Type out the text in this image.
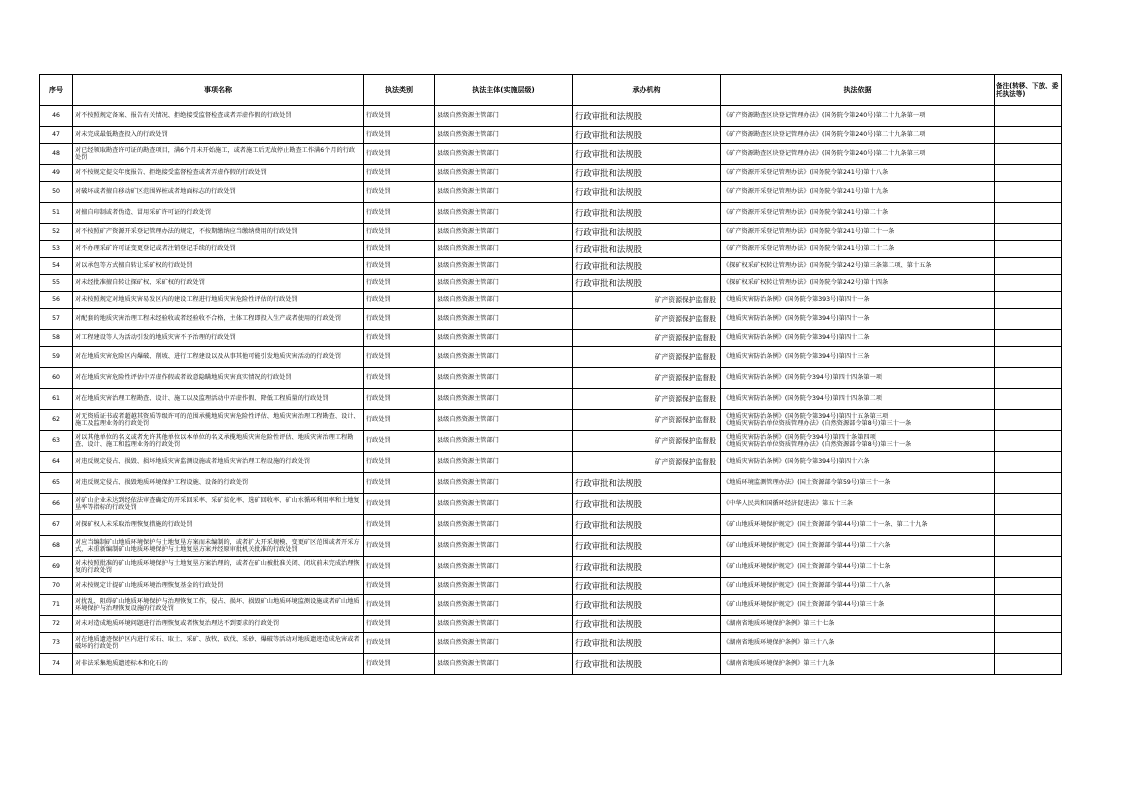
序号	事项名称	执法类别	执法主体(实施层级)	承办机构	执法依据	备注(转移、下放、委托执法等)
46	对不按照规定备案、报告有关情况、拒绝接受监督检查或者弄虚作假的行政处罚	行政处罚	县级自然资源主管部门	行政审批和法规股	《矿产资源勘查区块登记管理办法》(国务院令第240号)第二十九条第一项	
47	对未完成最低勘查投入的行政处罚	行政处罚	县级自然资源主管部门	行政审批和法规股	《矿产资源勘查区块登记管理办法》(国务院令第240号)第二十九条第二项	
48	对已经领取勘查许可证的勘查项目，满6个月未开始施工，或者施工后无故停止勘查工作满6个月的行政处罚	行政处罚	县级自然资源主管部门	行政审批和法规股	《矿产资源勘查区块登记管理办法》(国务院令第240号)第二十九条第三项	
49	对不按规定提交年度报告、拒绝接受监督检查或者弄虚作假的行政处罚	行政处罚	县级自然资源主管部门	行政审批和法规股	《矿产资源开采登记管理办法》(国务院令第241号)第十八条	
50	对破坏或者擅自移动矿区范围界桩或者地面标志的行政处罚	行政处罚	县级自然资源主管部门	行政审批和法规股	《矿产资源开采登记管理办法》(国务院令第241号)第十九条	
51	对擅自印制或者伪造、冒用采矿许可证的行政处罚	行政处罚	县级自然资源主管部门	行政审批和法规股	《矿产资源开采登记管理办法》(国务院令第241号)第二十条	
52	对不按照矿产资源开采登记管理办法的规定，不按期缴纳应当缴纳费用的行政处罚	行政处罚	县级自然资源主管部门	行政审批和法规股	《矿产资源开采登记管理办法》(国务院令第241号)第二十一条	
53	对不办理采矿许可证变更登记或者注销登记手续的行政处罚	行政处罚	县级自然资源主管部门	行政审批和法规股	《矿产资源开采登记管理办法》(国务院令第241号)第二十二条	
54	对以承包等方式擅自转让采矿权的行政处罚	行政处罚	县级自然资源主管部门	行政审批和法规股	《探矿权采矿权转让管理办法》(国务院令第242号)第三条第二项、第十五条	
55	对未经批准擅自转让探矿权、采矿权的行政处罚	行政处罚	县级自然资源主管部门	行政审批和法规股	《探矿权采矿权转让管理办法》(国务院令第242号)第十四条	
56	对未按照规定对地质灾害易发区内的建设工程进行地质灾害危险性评估的行政处罚	行政处罚	县级自然资源主管部门	矿产资源保护监督股	《地质灾害防治条例》(国务院令第393号)第四十一条	
57	对配套的地质灾害治理工程未经验收或者经验收不合格，主体工程即投入生产或者使用的行政处罚	行政处罚	县级自然资源主管部门	矿产资源保护监督股	《地质灾害防治条例》(国务院令第394号)第四十一条	
58	对工程建设等人为活动引发的地质灾害不予治理的行政处罚	行政处罚	县级自然资源主管部门	矿产资源保护监督股	《地质灾害防治条例》(国务院令第394号)第四十二条	
59	对在地质灾害危险区内爆破、削坡、进行工程建设以及从事其他可能引发地质灾害活动的行政处罚	行政处罚	县级自然资源主管部门	矿产资源保护监督股	《地质灾害防治条例》(国务院令第394号)第四十三条	
60	对在地质灾害危险性评估中弄虚作假或者故意隐瞒地质灾害真实情况的行政处罚	行政处罚	县级自然资源主管部门	矿产资源保护监督股	《地质灾害防治条例》(国务院令394号)第四十四条第一项	
61	对在地质灾害治理工程勘查、设计、施工以及监理活动中弄虚作假、降低工程质量的行政处罚	行政处罚	县级自然资源主管部门	矿产资源保护监督股	《地质灾害防治条例》(国务院令394号)第四十四条第二项	
62	对无资质证书或者超越其资质等级许可的范围承揽地质灾害危险性评估、地质灾害治理工程勘查、设计、施工及监理业务的行政处罚	行政处罚	县级自然资源主管部门	矿产资源保护监督股	《地质灾害防治条例》(国务院令第394号)第四十五条第三项
《地质灾害防治单位资质管理办法》(自然资源部令第8号)第三十一条	
63	对以其他单位的名义或者允许其他单位以本单位的名义承揽地质灾害危险性评估、地质灾害治理工程勘查、设计、施工和监理业务的行政处罚	行政处罚	县级自然资源主管部门	矿产资源保护监督股	《地质灾害防治条例》(国务院令394号)第四十条第四项
《地质灾害防治单位资质管理办法》(自然资源部令第8号)第三十一条	
64	对违反规定侵占、损毁、损坏地质灾害监测设施或者地质灾害治理工程设施的行政处罚	行政处罚	县级自然资源主管部门	矿产资源保护监督股	《地质灾害防治条例》(国务院令第394号)第四十六条	
65	对违反规定侵占、损毁地质环境保护工程设施、设备的行政处罚	行政处罚	县级自然资源主管部门	行政审批和法规股	《地质环境监测管理办法》(国土资源部令第59号)第三十一条	
66	对矿山企业未达到经依法审查确定的开采回采率、采矿贫化率、选矿回收率、矿山水循环利用率和土地复垦率等指标的行政处罚	行政处罚	县级自然资源主管部门	行政审批和法规股	《中华人民共和国循环经济促进法》第五十三条	
67	对探矿权人未采取治理恢复措施的行政处罚	行政处罚	县级自然资源主管部门	行政审批和法规股	《矿山地质环境保护规定》(国土资源部令第44号)第二十一条、第二十九条	
68	对应当编制矿山地质环境保护与土地复垦方案而未编制的，或者扩大开采规模、变更矿区范围或者开采方式，未重新编制矿山地质环境保护与土地复垦方案并经原审批机关批准的行政处罚	行政处罚	县级自然资源主管部门	行政审批和法规股	《矿山地质环境保护规定》(国土资源部令第44号)第二十六条	
69	对未按照批准的矿山地质环境保护与土地复垦方案治理的，或者在矿山被批准关闭、闭坑前未完成治理恢复的行政处罚	行政处罚	县级自然资源主管部门	行政审批和法规股	《矿山地质环境保护规定》(国土资源部令第44号)第二十七条	
70	对未按规定计提矿山地质环境治理恢复基金的行政处罚	行政处罚	县级自然资源主管部门	行政审批和法规股	《矿山地质环境保护规定》(国土资源部令第44号)第二十八条	
71	对扰乱、阻碍矿山地质环境保护与治理恢复工作，侵占、损坏、损毁矿山地质环境监测设施或者矿山地质环境保护与治理恢复设施的行政处罚	行政处罚	县级自然资源主管部门	行政审批和法规股	《矿山地质环境保护规定》(国土资源部令第44号)第三十条	
72	对未对造成地质环境问题进行治理恢复或者恢复治理达不到要求的行政处罚	行政处罚	县级自然资源主管部门	行政审批和法规股	《湖南省地质环境保护条例》第三十七条	
73	对在地质遗迹保护区内进行采石、取土、采矿、放牧、砍伐、采砂、爆破等活动对地质遗迹造成危害或者破坏的行政处罚	行政处罚	县级自然资源主管部门	行政审批和法规股	《湖南省地质环境保护条例》第三十八条	
74	对非法采集地质遗迹标本和化石的	行政处罚	县级自然资源主管部门	行政审批和法规股	《湖南省地质环境保护条例》第三十九条	
